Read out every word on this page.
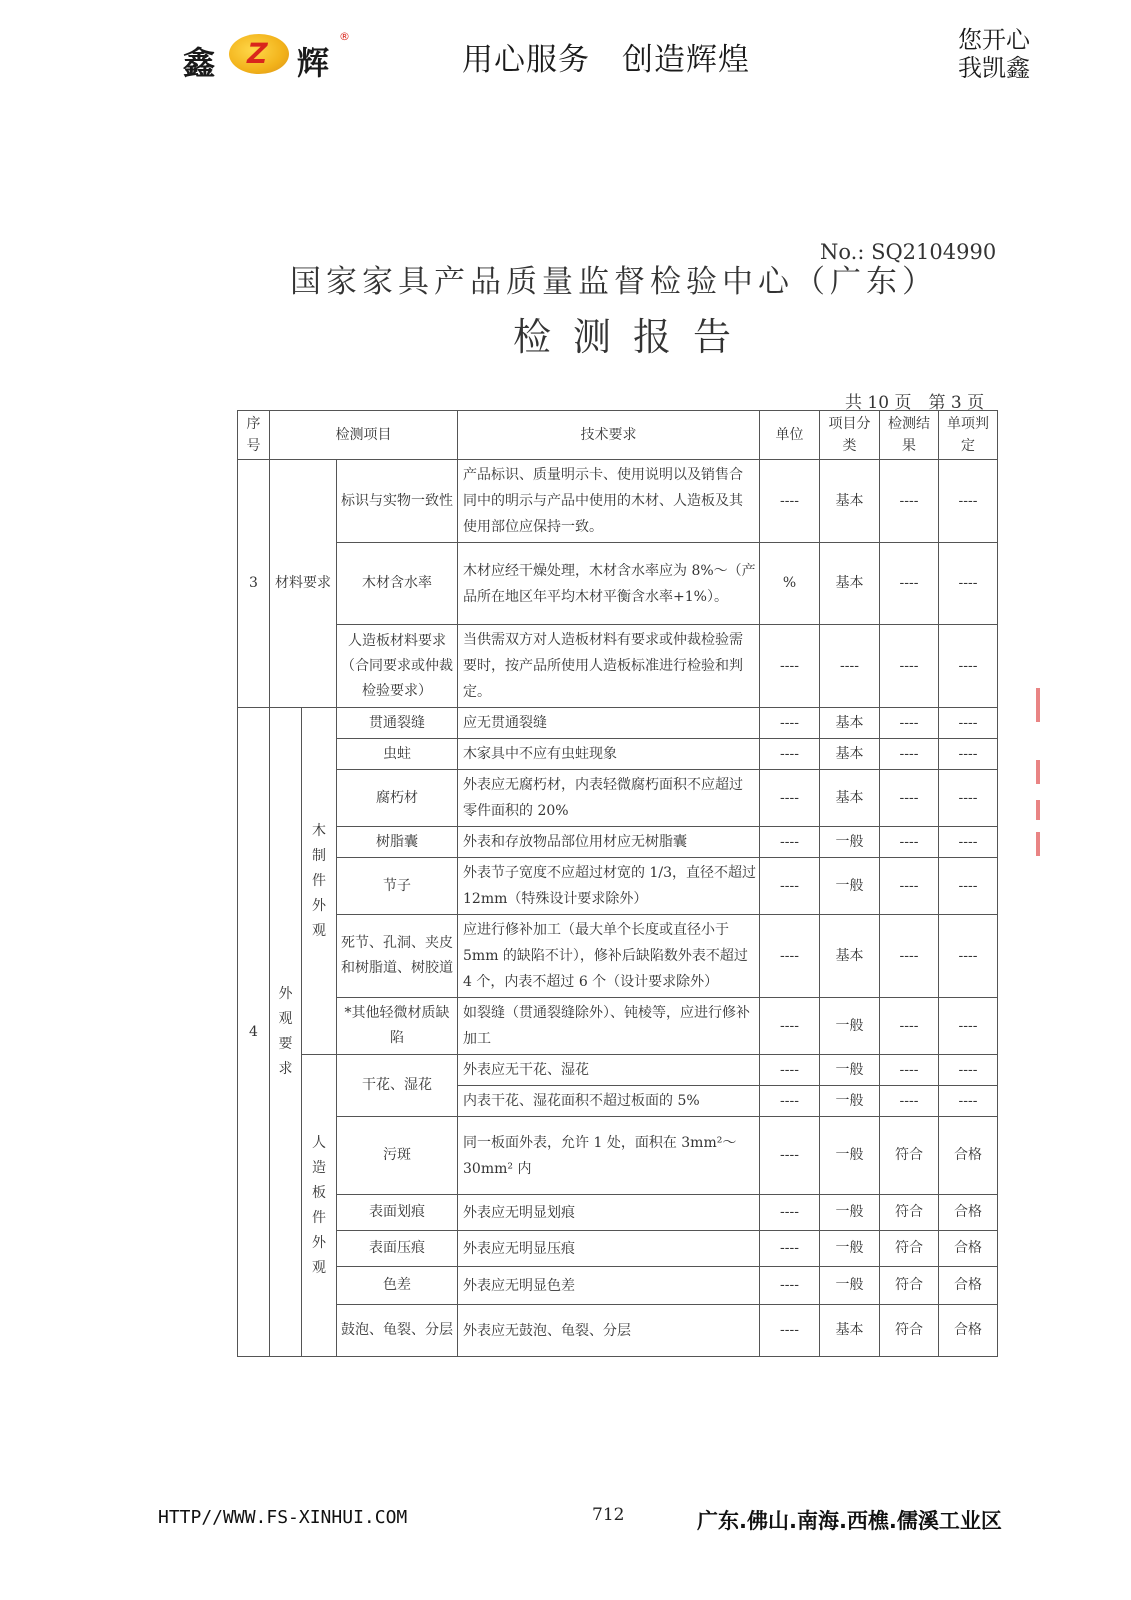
鑫 Z 辉
®
用心服务　创造辉煌
您开心
我凯鑫
No.: SQ2104990
国家家具产品质量监督检验中心（广东）
检测报告
共 10 页　第 3 页
序号	检测项目			技术要求	单位	项目分类	检测结果	单项判定
3	材料要求		标识与实物一致性	产品标识、质量明示卡、使用说明以及销售合同中的明示与产品中使用的木材、人造板及其使用部位应保持一致。	----	基本	----	----
			木材含水率	木材应经干燥处理，木材含水率应为 8%～（产品所在地区年平均木材平衡含水率+1%）。	%	基本	----	----
			人造板材料要求（合同要求或仲裁检验要求）	当供需双方对人造板材料有要求或仲裁检验需要时，按产品所使用人造板标准进行检验和判定。	----	----	----	----
4	外观要求	木制件外观	贯通裂缝	应无贯通裂缝	----	基本	----	----
			虫蛀	木家具中不应有虫蛀现象	----	基本	----	----
			腐朽材	外表应无腐朽材，内表轻微腐朽面积不应超过零件面积的 20%	----	基本	----	----
			树脂囊	外表和存放物品部位用材应无树脂囊	----	一般	----	----
			节子	外表节子宽度不应超过材宽的 1/3，直径不超过 12mm（特殊设计要求除外）	----	一般	----	----
			死节、孔洞、夹皮和树脂道、树胶道	应进行修补加工（最大单个长度或直径小于 5mm 的缺陷不计），修补后缺陷数外表不超过 4 个，内表不超过 6 个（设计要求除外）	----	基本	----	----
			*其他轻微材质缺陷	如裂缝（贯通裂缝除外）、钝棱等，应进行修补加工	----	一般	----	----
		人造板件外观	干花、湿花	外表应无干花、湿花	----	一般	----	----
				内表干花、湿花面积不超过板面的 5%	----	一般	----	----
			污斑	同一板面外表，允许 1 处，面积在 3mm²～30mm² 内	----	一般	符合	合格
			表面划痕	外表应无明显划痕	----	一般	符合	合格
			表面压痕	外表应无明显压痕	----	一般	符合	合格
			色差	外表应无明显色差	----	一般	符合	合格
			鼓泡、龟裂、分层	外表应无鼓泡、龟裂、分层	----	基本	符合	合格
HTTP//WWW.FS-XINHUI.COM	712	广东.佛山.南海.西樵.儒溪工业区
